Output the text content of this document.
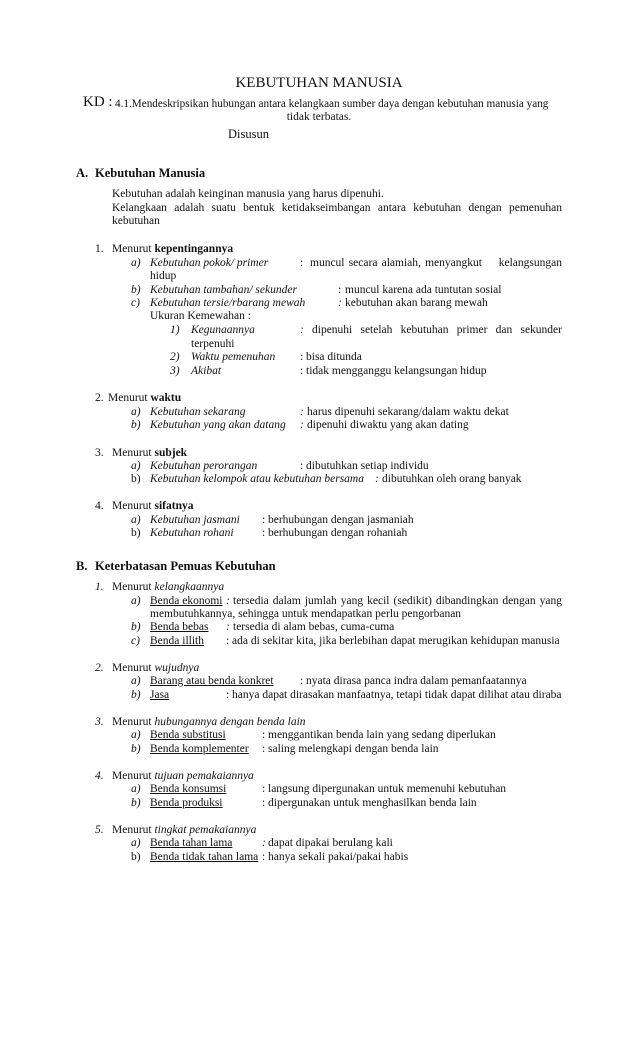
KEBUTUHAN MANUSIA
KD : 4.1.Mendeskripsikan hubungan antara kelangkaan sumber daya dengan kebutuhan manusia yang
tidak terbatas.
Disusun
A. Kebutuhan Manusia
Kebutuhan adalah keinginan manusia yang harus dipenuhi.
Kelangkaan adalah suatu bentuk ketidakseimbangan antara kebutuhan dengan pemenuhan
kebutuhan
1. Menurut kepentingannya
a) Kebutuhan pokok/ primer	: muncul secara alamiah, menyangkut    kelangsungan
hidup
b) Kebutuhan tambahan/ sekunder	: muncul karena ada tuntutan sosial
c) Kebutuhan tersie/rbarang mewah	: kebutuhan akan barang mewah
Ukuran Kemewahan :
1) Kegunaannya	: dipenuhi setelah kebutuhan primer dan sekunder
terpenuhi
2) Waktu pemenuhan : bisa ditunda
3) Akibat	: tidak mengganggu kelangsungan hidup
2. Menurut waktu
a) Kebutuhan sekarang	: harus dipenuhi sekarang/dalam waktu dekat
b) Kebutuhan yang akan datang : dipenuhi diwaktu yang akan dating
3. Menurut subjek
a) Kebutuhan perorangan	: dibutuhkan setiap individu
b) Kebutuhan kelompok atau kebutuhan bersama : dibutuhkan oleh orang banyak
4. Menurut sifatnya
a) Kebutuhan jasmani : berhubungan dengan jasmaniah
b) Kebutuhan rohani : berhubungan dengan rohaniah
B. Keterbatasan Pemuas Kebutuhan
1. Menurut kelangkaannya
a) Benda ekonomi : tersedia dalam jumlah yang kecil (sedikit) dibandingkan dengan yang
membutuhkannya, sehingga untuk mendapatkan perlu pengorbanan
b) Benda bebas : tersedia di alam bebas, cuma-cuma
c) Benda illith : ada di sekitar kita, jika berlebihan dapat merugikan kehidupan manusia
2. Menurut wujudnya
a) Barang atau benda konkret : nyata dirasa panca indra dalam pemanfaatannya
b) Jasa	: hanya dapat dirasakan manfaatnya, tetapi tidak dapat dilihat atau diraba
3. Menurut hubungannya dengan benda lain
a) Benda substitusi	: menggantikan benda lain yang sedang diperlukan
b) Benda komplementer : saling melengkapi dengan benda lain
4. Menurut tujuan pemakaiannya
a) Benda konsumsi	: langsung dipergunakan untuk memenuhi kebutuhan
b) Benda produksi	: dipergunakan untuk menghasilkan benda lain
5. Menurut tingkat pemakaiannya
a) Benda tahan lama	: dapat dipakai berulang kali
b) Benda tidak tahan lama : hanya sekali pakai/pakai habis
